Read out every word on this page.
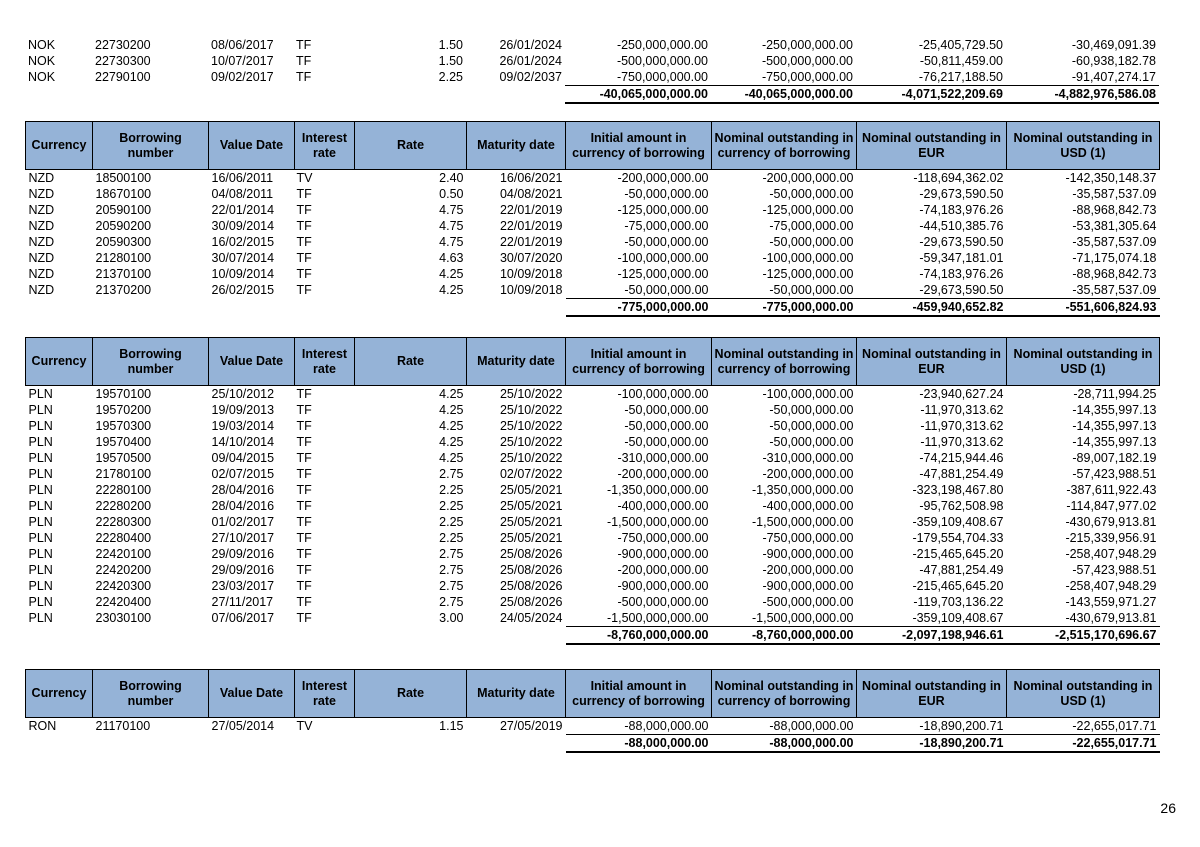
NOK	22730200	08/06/2017	TF	1.50	26/01/2024	-250,000,000.00	-250,000,000.00	-25,405,729.50	-30,469,091.39
NOK	22730300	10/07/2017	TF	1.50	26/01/2024	-500,000,000.00	-500,000,000.00	-50,811,459.00	-60,938,182.78
NOK	22790100	09/02/2017	TF	2.25	09/02/2037	-750,000,000.00	-750,000,000.00	-76,217,188.50	-91,407,274.17
						-40,065,000,000.00	-40,065,000,000.00	-4,071,522,209.69	-4,882,976,586.08
Currency	Borrowing number	Value Date	Interest rate	Rate	Maturity date	Initial amount in currency of borrowing	Nominal outstanding in currency of borrowing	Nominal outstanding in EUR	Nominal outstanding in USD (1)
NZD	18500100	16/06/2011	TV	2.40	16/06/2021	-200,000,000.00	-200,000,000.00	-118,694,362.02	-142,350,148.37
NZD	18670100	04/08/2011	TF	0.50	04/08/2021	-50,000,000.00	-50,000,000.00	-29,673,590.50	-35,587,537.09
NZD	20590100	22/01/2014	TF	4.75	22/01/2019	-125,000,000.00	-125,000,000.00	-74,183,976.26	-88,968,842.73
NZD	20590200	30/09/2014	TF	4.75	22/01/2019	-75,000,000.00	-75,000,000.00	-44,510,385.76	-53,381,305.64
NZD	20590300	16/02/2015	TF	4.75	22/01/2019	-50,000,000.00	-50,000,000.00	-29,673,590.50	-35,587,537.09
NZD	21280100	30/07/2014	TF	4.63	30/07/2020	-100,000,000.00	-100,000,000.00	-59,347,181.01	-71,175,074.18
NZD	21370100	10/09/2014	TF	4.25	10/09/2018	-125,000,000.00	-125,000,000.00	-74,183,976.26	-88,968,842.73
NZD	21370200	26/02/2015	TF	4.25	10/09/2018	-50,000,000.00	-50,000,000.00	-29,673,590.50	-35,587,537.09
						-775,000,000.00	-775,000,000.00	-459,940,652.82	-551,606,824.93
Currency	Borrowing number	Value Date	Interest rate	Rate	Maturity date	Initial amount in currency of borrowing	Nominal outstanding in currency of borrowing	Nominal outstanding in EUR	Nominal outstanding in USD (1)
PLN	19570100	25/10/2012	TF	4.25	25/10/2022	-100,000,000.00	-100,000,000.00	-23,940,627.24	-28,711,994.25
PLN	19570200	19/09/2013	TF	4.25	25/10/2022	-50,000,000.00	-50,000,000.00	-11,970,313.62	-14,355,997.13
PLN	19570300	19/03/2014	TF	4.25	25/10/2022	-50,000,000.00	-50,000,000.00	-11,970,313.62	-14,355,997.13
PLN	19570400	14/10/2014	TF	4.25	25/10/2022	-50,000,000.00	-50,000,000.00	-11,970,313.62	-14,355,997.13
PLN	19570500	09/04/2015	TF	4.25	25/10/2022	-310,000,000.00	-310,000,000.00	-74,215,944.46	-89,007,182.19
PLN	21780100	02/07/2015	TF	2.75	02/07/2022	-200,000,000.00	-200,000,000.00	-47,881,254.49	-57,423,988.51
PLN	22280100	28/04/2016	TF	2.25	25/05/2021	-1,350,000,000.00	-1,350,000,000.00	-323,198,467.80	-387,611,922.43
PLN	22280200	28/04/2016	TF	2.25	25/05/2021	-400,000,000.00	-400,000,000.00	-95,762,508.98	-114,847,977.02
PLN	22280300	01/02/2017	TF	2.25	25/05/2021	-1,500,000,000.00	-1,500,000,000.00	-359,109,408.67	-430,679,913.81
PLN	22280400	27/10/2017	TF	2.25	25/05/2021	-750,000,000.00	-750,000,000.00	-179,554,704.33	-215,339,956.91
PLN	22420100	29/09/2016	TF	2.75	25/08/2026	-900,000,000.00	-900,000,000.00	-215,465,645.20	-258,407,948.29
PLN	22420200	29/09/2016	TF	2.75	25/08/2026	-200,000,000.00	-200,000,000.00	-47,881,254.49	-57,423,988.51
PLN	22420300	23/03/2017	TF	2.75	25/08/2026	-900,000,000.00	-900,000,000.00	-215,465,645.20	-258,407,948.29
PLN	22420400	27/11/2017	TF	2.75	25/08/2026	-500,000,000.00	-500,000,000.00	-119,703,136.22	-143,559,971.27
PLN	23030100	07/06/2017	TF	3.00	24/05/2024	-1,500,000,000.00	-1,500,000,000.00	-359,109,408.67	-430,679,913.81
						-8,760,000,000.00	-8,760,000,000.00	-2,097,198,946.61	-2,515,170,696.67
Currency	Borrowing number	Value Date	Interest rate	Rate	Maturity date	Initial amount in currency of borrowing	Nominal outstanding in currency of borrowing	Nominal outstanding in EUR	Nominal outstanding in USD (1)
RON	21170100	27/05/2014	TV	1.15	27/05/2019	-88,000,000.00	-88,000,000.00	-18,890,200.71	-22,655,017.71
						-88,000,000.00	-88,000,000.00	-18,890,200.71	-22,655,017.71
26
